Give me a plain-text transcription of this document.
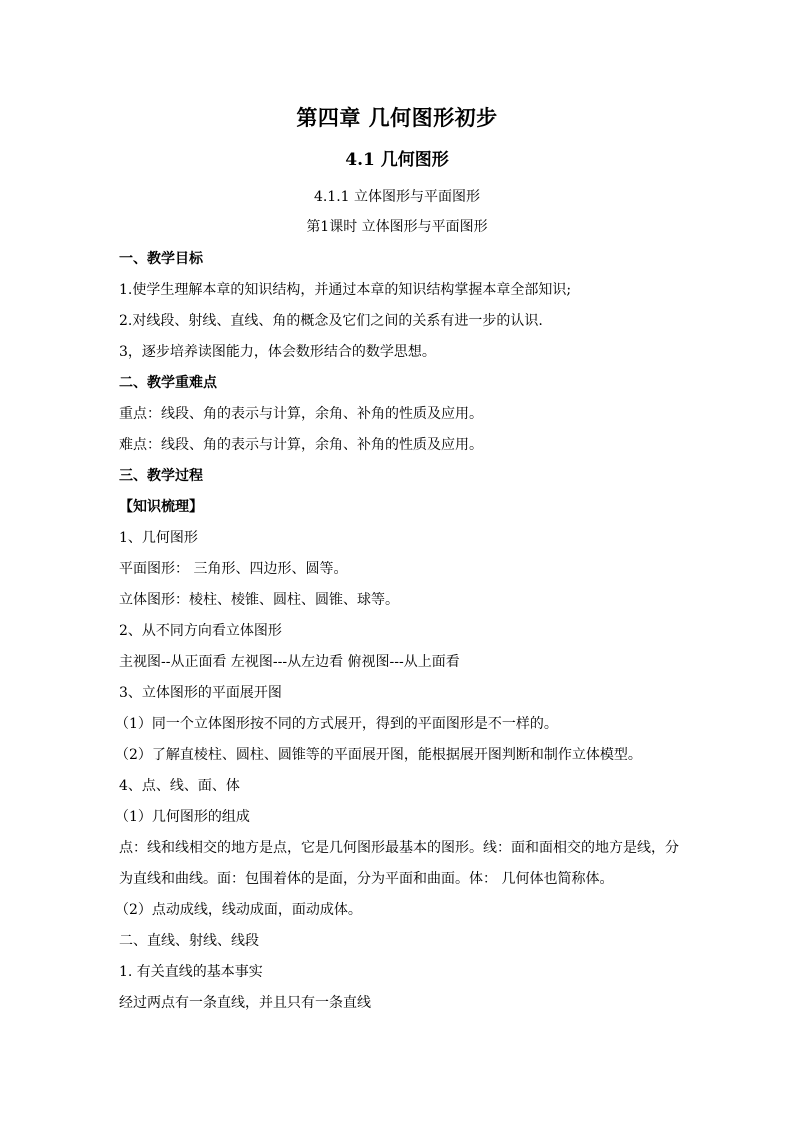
第四章 几何图形初步
4.1 几何图形
4.1.1 立体图形与平面图形
第1课时 立体图形与平面图形
一、教学目标
1.使学生理解本章的知识结构，并通过本章的知识结构掌握本章全部知识;
2.对线段、射线、直线、角的概念及它们之间的关系有进一步的认识.
3，逐步培养读图能力，体会数形结合的数学思想。
二、教学重难点
重点：线段、角的表示与计算，余角、补角的性质及应用。
难点：线段、角的表示与计算，余角、补角的性质及应用。
三、教学过程
【知识梳理】
1、几何图形
平面图形： 三角形、四边形、圆等。
立体图形：棱柱、棱锥、圆柱、圆锥、球等。
2、从不同方向看立体图形
主视图--从正面看 左视图---从左边看 俯视图---从上面看
3、立体图形的平面展开图
（1）同一个立体图形按不同的方式展开，得到的平面图形是不一样的。
（2）了解直棱柱、圆柱、圆锥等的平面展开图，能根据展开图判断和制作立体模型。
4、点、线、面、体
（1）几何图形的组成
点：线和线相交的地方是点，它是几何图形最基本的图形。线：面和面相交的地方是线，分为直线和曲线。面：包围着体的是面，分为平面和曲面。体： 几何体也简称体。
（2）点动成线，线动成面，面动成体。
二、直线、射线、线段
1. 有关直线的基本事实
经过两点有一条直线，并且只有一条直线
